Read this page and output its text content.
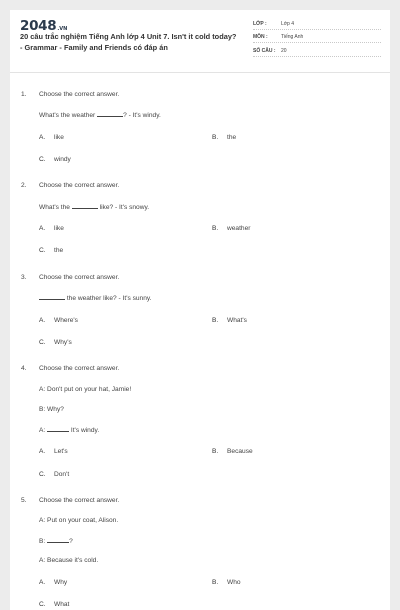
2048.VN
20 câu trắc nghiệm Tiếng Anh lớp 4 Unit 7. Isn't it cold today? - Grammar - Family and Friends có đáp án
LỚP :	Lớp 4
MÔN :	Tiếng Anh
SỐ CÂU :	20
1. Choose the correct answer.
What's the weather	? - It's windy.
A.	like	B.	the
C.	windy
2. Choose the correct answer.
What's the	like? - It's snowy.
A.	like	B.	weather
C.	the
3. Choose the correct answer.
the weather like? - It's sunny.
A.	Where's	B.	What's
C.	Why's
4. Choose the correct answer.
A: Don't put on your hat, Jamie!
B: Why?
A:	It's windy.
A.	Let's	B.	Because
C.	Don't
5. Choose the correct answer.
A: Put on your coat, Alison.
B:	?
A: Because it's cold.
A.	Why	B.	Who
C.	What
